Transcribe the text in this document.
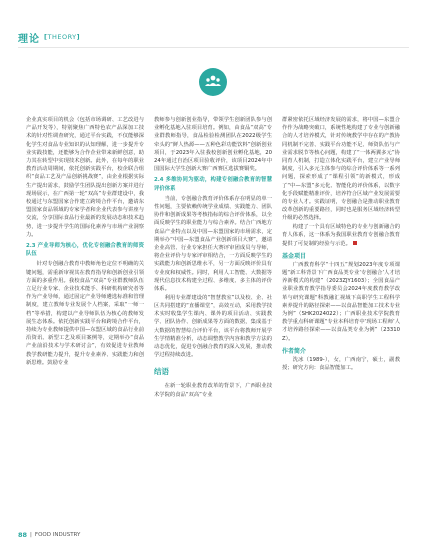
理论 [THEORY]

企业真实项目的机会（包括市场调研、工艺改进与产品开发等），特别聚焦广西特色农产品深加工技术的针对性调查研究，通过平台实践，不仅能够深化学生对食品专业知识的认知理解，进一步提升专业实践技能，还能够为合作企业带来新鲜创意，助力其在转型中实现技术创新。此外，在每年的职业教育活动周期间，依托创新实践平台，校企联合组织“食品工艺及产品创新挑战赛”，由企业根据实际生产提出需求，鼓励学生团队提出创新方案并进行现场展示，在广西第一轮“双高”专业群建设中，我校通过与东盟国家合作建立跨境合作平台，邀请东盟国家食品领域的专家学者和企业代表参与讲座与交流，分享国际食品行业最新的发展动态和技术趋势，进一步提升学生的国际化素养与市场产业洞察力。

2.3 产业导师为核心，优化专创融合教育的师资队伍

针对专创融合教育中教师角色定位不明确的关键问题，需重新审视其在教育指导和创新创业引领方面的多重作用。我校食品“双高”专业群教师队伍立足行业专家、企业技术能手、科研机构研究者等作为产业导师，通过固定产业导师遴选标准和管理制度，建立教师专业发展个人档案，采取“一师一档”等举措，构建以产业导师队伍为核心的教师发展生态体系。依托创新实践平台和跨境合作平台，持续为专业教师提供中国—东盟区域的食品行业前沿资讯、新型工艺及项目案例等，定期举办“食品产业前沿技术与学术研讨会”，有效促进专业教师教学教研能力提升，提升专业素养、实践能力和创新思维。鼓励专业

教师参与创新创业指导，带领学生创新团队参与创业孵化基地入驻项目培育。例如，由食品“双高”专业群教师指导，食品检验检测团队在2022级学生牵头的“鲜人热源——五种色彩功能饮料”创新创业项目，于2023年入驻我校创新创业孵化基地，2024年通过自治区项目验收评价，该项目2024年中国国际大学生创新大赛广西赛区选拔赛铜奖。

2.4 多维协同为驱动，构建专创融合教育的智慧评价体系

当前，专创融合教育评价体系存在明显的单一性问题，主要依赖传统学业成绩、实践能力、团队协作和创新成果等考核指标的综合评价体系，以全面反映学生的职业能力与综合素养。结合广西地方食品产业特点以及中国—东盟国家的市场需求，定期举办“中国—东盟食品产业创新项目大赛”，邀请企业高管、行业专家担任大赛评审团成员与导师，将企业评价与专家评审相结合，一方面反映学生的实践能力和创新思维水平，另一方面反映评价具有专业度和权威性。同时，利用人工智能、大数据等现代信息技术构建全过程、多维度、多主体的评价体系。

利用专业群建设的“智慧教室”以及校、企、社区共同搭建的“直播课堂”，高效互动，采用教学技术实时收集学生课内、课外的项目活动、实践教学、团队协作、创新成果等方面的数据，集成基于大数据的智慧综合评价平台，该平台将教师开展学生学情精准分析，动态调整教学内容和教学方法的动态优化，促进专创融合教育的深入发展，推动教学过程持续改进。

结语

在新一轮职业教育改革的背景下，广西职业技术学院的食品“双高”专业

群紧密依托区域经济发展的需求，将中国—东盟合作作为战略突破口，系统性地构建了专业与创新融合的人才培养模式，针对传统教学中存在的产教协同机制不完善、实践平台功能不足、师资队伍与产业需求脱节等核心问题，构建了“一体两翼多元”协同育人机制，打造立体化实践平台，建立产业导师制度，引入多元主体参与的综合评价体系等一系列问题，探索形成了“课程引领”的新模式，形成了“中—东盟”多元化、智能化的评价体系，以数字化手段赋能精准评价，培养符合区域产业发展需要的专业人才。实践证明，专创融合是推动职业教育改革创新的重要路径，同时也是服务区域经济转型升级的必然选择。

构建了一个具有区域特色的专业与创新融合的育人体系，这一体系为我国职业教育专创融合教育提供了可复制的经验与示范。

基金项目

广西教育科学“十四五”规划2023年度专项课题“新工科背景下广西食品类专业‘专创融合’人才培养新模式的构建”（2023ZJY1603）；全国食品产业职业教育教学指导委员会2024年度教育教学改革与研究课题“科教融汇视域下高职学生工程科学素养提升的路径探索——以食品智能加工技术专业为例”（SHK2024022）；广西职业技术学院教育教学重点科研课题“专业本科培育中‘现场工程师’人才培养路径探索——以食品类专业为例”（23310Z）。

作者简介

洗冰（1989-），女，广西南宁，硕士，副教授；研究方向：食品智能加工。

88 | FOOD INDUSTRY
